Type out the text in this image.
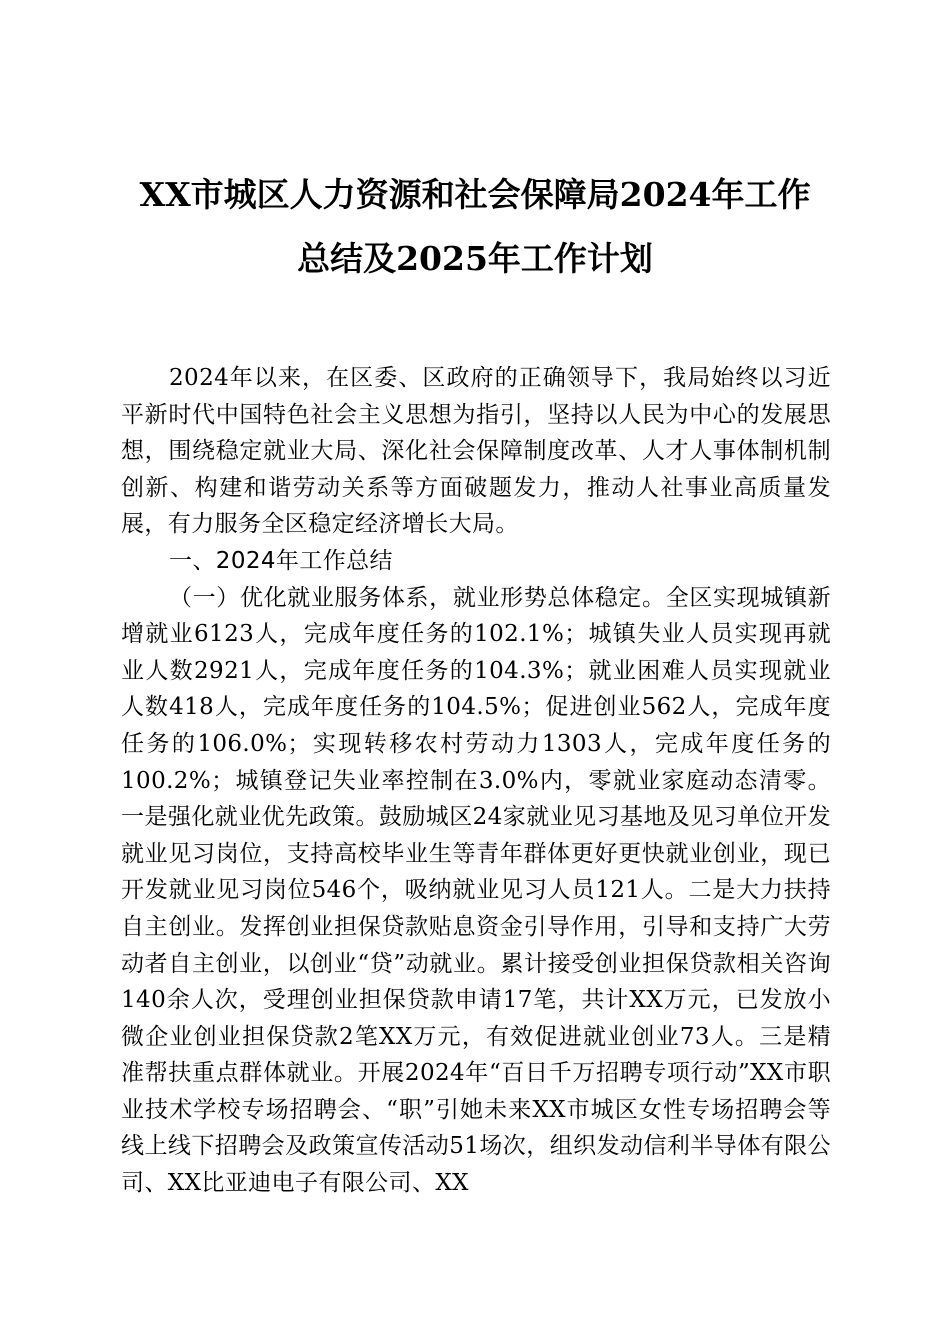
XX市城区人力资源和社会保障局2024年工作
总结及2025年工作计划

2024年以来，在区委、区政府的正确领导下，我局始终以习近平新时代中国特色社会主义思想为指引，坚持以人民为中心的发展思想，围绕稳定就业大局、深化社会保障制度改革、人才人事体制机制创新、构建和谐劳动关系等方面破题发力，推动人社事业高质量发展，有力服务全区稳定经济增长大局。

一、2024年工作总结

（一）优化就业服务体系，就业形势总体稳定。全区实现城镇新增就业6123人，完成年度任务的102.1%；城镇失业人员实现再就业人数2921人，完成年度任务的104.3%；就业困难人员实现就业人数418人，完成年度任务的104.5%；促进创业562人，完成年度任务的106.0%；实现转移农村劳动力1303人，完成年度任务的100.2%；城镇登记失业率控制在3.0%内，零就业家庭动态清零。一是强化就业优先政策。鼓励城区24家就业见习基地及见习单位开发就业见习岗位，支持高校毕业生等青年群体更好更快就业创业，现已开发就业见习岗位546个，吸纳就业见习人员121人。二是大力扶持自主创业。发挥创业担保贷款贴息资金引导作用，引导和支持广大劳动者自主创业，以创业“贷”动就业。累计接受创业担保贷款相关咨询140余人次，受理创业担保贷款申请17笔，共计XX万元，已发放小微企业创业担保贷款2笔XX万元，有效促进就业创业73人。三是精准帮扶重点群体就业。开展2024年“百日千万招聘专项行动”XX市职业技术学校专场招聘会、“职”引她未来XX市城区女性专场招聘会等线上线下招聘会及政策宣传活动51场次，组织发动信利半导体有限公司、XX比亚迪电子有限公司、XX
